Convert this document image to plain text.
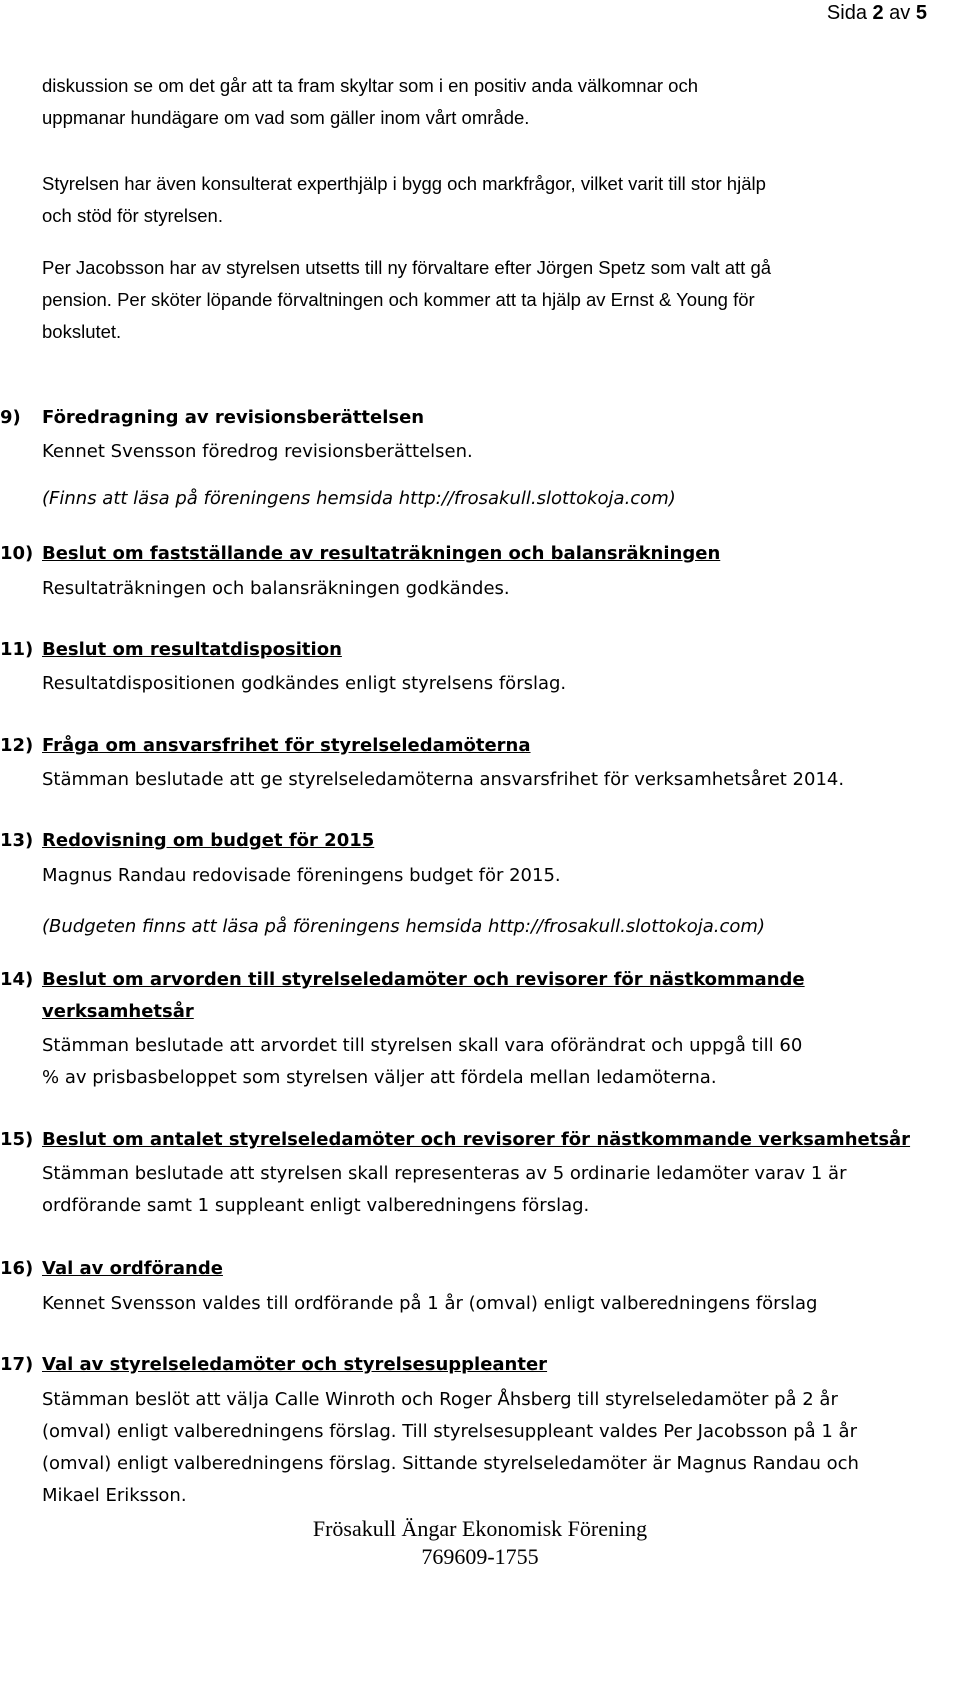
Sida 2 av 5
diskussion se om det går att ta fram skyltar som i en positiv anda välkomnar och
uppmanar hundägare om vad som gäller inom vårt område.
Styrelsen har även konsulterat experthjälp i bygg och markfrågor, vilket varit till stor hjälp
och stöd för styrelsen.
Per Jacobsson har av styrelsen utsetts till ny förvaltare efter Jörgen Spetz som valt att gå
pension. Per sköter löpande förvaltningen och kommer att ta hjälp av Ernst & Young för
bokslutet.
9) Föredragning av revisionsberättelsen
Kennet Svensson föredrog revisionsberättelsen.
(Finns att läsa på föreningens hemsida http://frosakull.slottokoja.com)
10) Beslut om fastställande av resultaträkningen och balansräkningen
Resultaträkningen och balansräkningen godkändes.
11) Beslut om resultatdisposition
Resultatdispositionen godkändes enligt styrelsens förslag.
12) Fråga om ansvarsfrihet för styrelseledamöterna
Stämman beslutade att ge styrelseledamöterna ansvarsfrihet för verksamhetsåret 2014.
13) Redovisning om budget för 2015
Magnus Randau redovisade föreningens budget för 2015.
(Budgeten finns att läsa på föreningens hemsida http://frosakull.slottokoja.com)
14) Beslut om arvorden till styrelseledamöter och revisorer för nästkommande
verksamhetsår
Stämman beslutade att arvordet till styrelsen skall vara oförändrat och uppgå till 60
% av prisbasbeloppet som styrelsen väljer att fördela mellan ledamöterna.
15) Beslut om antalet styrelseledamöter och revisorer för nästkommande verksamhetsår
Stämman beslutade att styrelsen skall representeras av 5 ordinarie ledamöter varav 1 är
ordförande samt 1 suppleant enligt valberedningens förslag.
16) Val av ordförande
Kennet Svensson valdes till ordförande på 1 år (omval) enligt valberedningens förslag
17) Val av styrelseledamöter och styrelsesuppleanter
Stämman beslöt att välja Calle Winroth och Roger Åhsberg till styrelseledamöter på 2 år
(omval) enligt valberedningens förslag. Till styrelsesuppleant valdes Per Jacobsson på 1 år
(omval) enligt valberedningens förslag. Sittande styrelseledamöter är Magnus Randau och
Mikael Eriksson.
Frösakull Ängar Ekonomisk Förening
769609-1755
